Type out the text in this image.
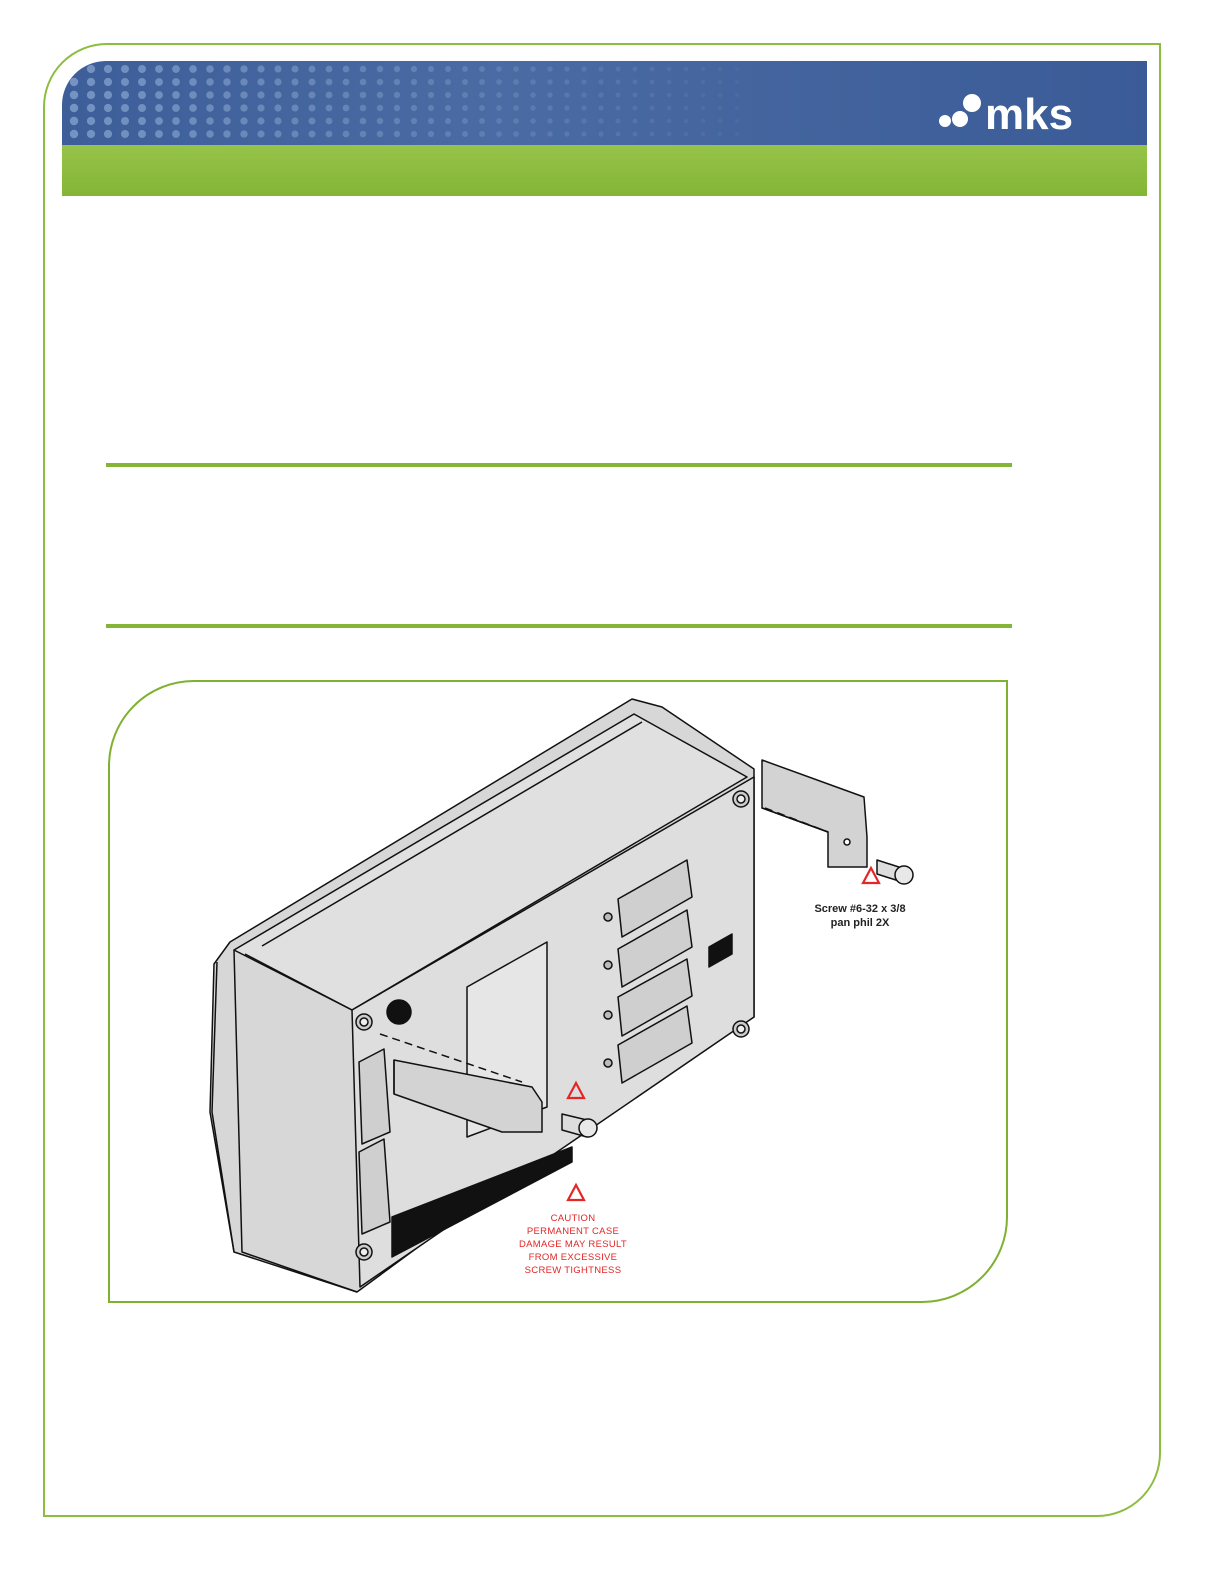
mks
Screw #6-32 x 3/8
pan phil 2X
CAUTION
PERMANENT CASE
DAMAGE MAY RESULT
FROM EXCESSIVE
SCREW TIGHTNESS
